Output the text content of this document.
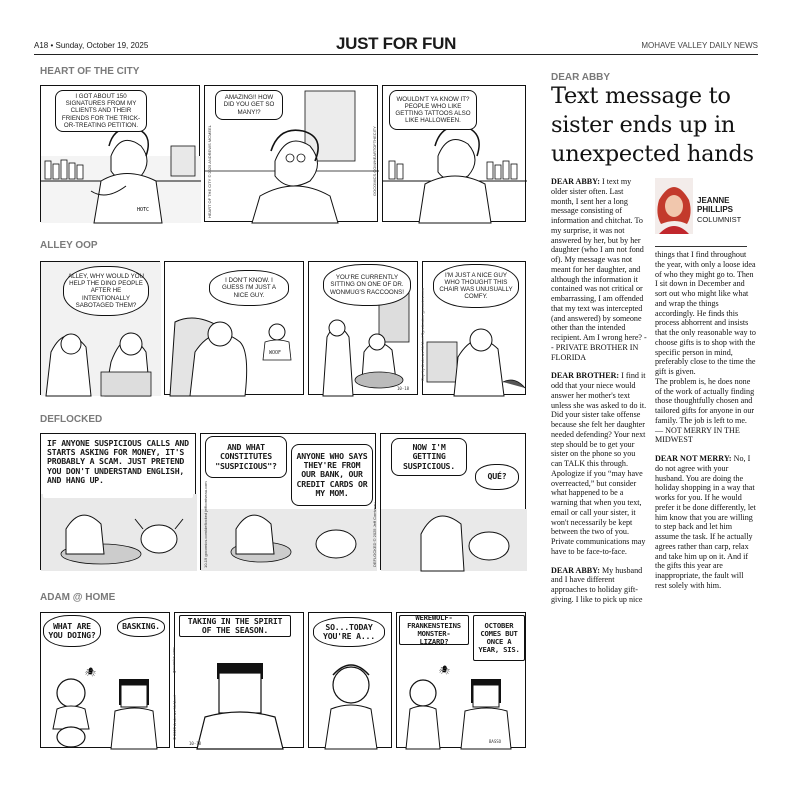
A18 • Sunday, October 19, 2025	JUST FOR FUN	MOHAVE VALLEY DAILY NEWS
HEART OF THE CITY
HOTC
I GOT ABOUT 150 SIGNATURES FROM MY CLIENTS AND THEIR FRIENDS FOR THE TRICK-OR-TREATING PETITION.
AMAZING!! HOW DID YOU GET SO MANY!?
HEART OF THE CITY © 2025 ANDREWS MCMEEL	GOCOMICS.COM/HEARTOFTHECITY
WOULDN'T YA KNOW IT? PEOPLE WHO LIKE GETTING TATTOOS ALSO LIKE HALLOWEEN.
ALLEY OOP
ALLEY, WHY WOULD YOU HELP THE DINO PEOPLE AFTER HE INTENTIONALLY SABOTAGED THEM?
I DON'T KNOW. I GUESS I'M JUST A NICE GUY.
WOOF
YOU'RE CURRENTLY SITTING ON ONE OF DR. WONMUG'S RACCOONS!
10-18
I'M JUST A NICE GUY WHO THOUGHT THIS CHAIR WAS UNUSUALLY COMFY.
Oop by Andrews McMeel Syndication gocomics.com
DEFLOCKED
IF ANYONE SUSPICIOUS CALLS AND STARTS ASKING FOR MONEY, IT'S PROBABLY A SCAM. JUST PRETEND YOU DON'T UNDERSTAND ENGLISH, AND HANG UP.
AND WHAT CONSTITUTES "SUSPICIOUS"?
ANYONE WHO SAYS THEY'RE FROM OUR BANK, OUR CREDIT CARDS OR MY MOM.
10-19 gocomics.com/deflocked jeffcorriveau.com
NOW I'M GETTING SUSPICIOUS.
QUÉ?
DEFLOCKED © 2025 Jeff Corriveau
ADAM @ HOME
🕷
WHAT ARE YOU DOING?
BASKING.
TAKING IN THE SPIRIT OF THE SEASON.
gocomics.com
10-18
SO...TODAY YOU'RE A...
🕷
WEREWOLF-FRANKENSTEINS MONSTER-LIZARD?
OCTOBER COMES BUT ONCE A YEAR, SIS.
BASSO
© 2025 Andrews McMeel
DEAR ABBY
Text message to sister ends up in unexpected hands
JEANNE
PHILLIPS
COLUMNIST

DEAR ABBY: I text my older sister often. Last month, I sent her a long message consisting of information and chitchat. To my surprise, it was not answered by her, but by her daughter (who I am not fond of). My message was not meant for her daughter, and although the information it contained was not critical or embarrassing, I am offended that my text was intercepted (and answered) by someone other than the intended recipient. Am I wrong here? -- PRIVATE BROTHER IN FLORIDA

DEAR BROTHER: I find it odd that your niece would answer her mother's text unless she was asked to do it. Did your sister take offense because she felt her daughter needed defending? Your next step should be to get your sister on the phone so you can TALK this through. Apologize if you “may have overreacted,” but consider what happened to be a warning that when you text, email or call your sister, it won't necessarily be kept between the two of you. Private communications may have to be face-to-face.

DEAR ABBY: My husband and I have different approaches to holiday gift-giving. I like to pick up nice

things that I find throughout the year, with only a loose idea of who they might go to. Then I sit down in December and sort out who might like what and wrap the things accordingly. He finds this process abhorrent and insists that the only reasonable way to choose gifts is to shop with the specific person in mind, preferably close to the time the gift is given.

The problem is, he does none of the work of actually finding those thoughtfully chosen and tailored gifts for anyone in our family. The job is left to me.

— NOT MERRY IN THE MIDWEST

DEAR NOT MERRY: No, I do not agree with your husband. You are doing the holiday shopping in a way that works for you. If he would prefer it be done differently, let him know that you are willing to step back and let him assume the task. If he actually agrees rather than carp, relax and take him up on it. And if the gifts this year are inappropriate, the fault will rest solely with him.
